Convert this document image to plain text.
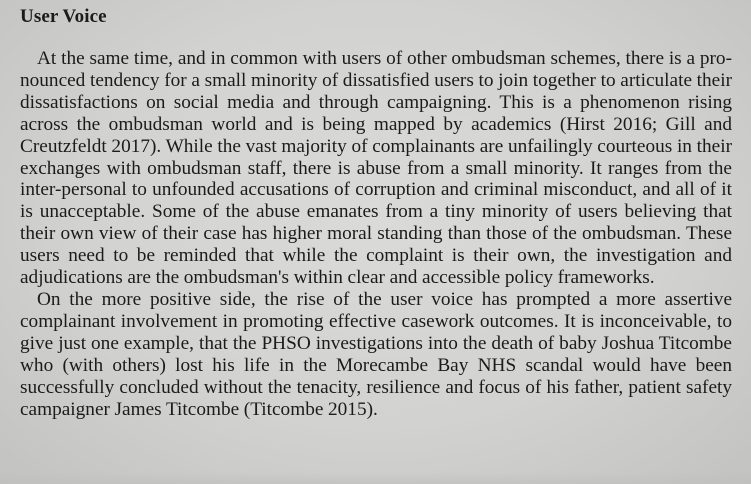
User Voice

At the same time, and in common with users of other ombudsman schemes, there is a pronounced tendency for a small minority of dissatisfied users to join together to articulate their dissatisfactions on social media and through campaigning. This is a phenomenon rising across the ombudsman world and is being mapped by academics (Hirst 2016; Gill and Creutzfeldt 2017). While the vast majority of complainants are unfailingly courteous in their exchanges with ombudsman staff, there is abuse from a small minority. It ranges from the inter-personal to unfounded accusations of corruption and criminal misconduct, and all of it is unacceptable. Some of the abuse emanates from a tiny minority of users believing that their own view of their case has higher moral standing than those of the ombudsman. These users need to be reminded that while the complaint is their own, the investigation and adjudications are the ombudsman's within clear and accessible policy frameworks.

On the more positive side, the rise of the user voice has prompted a more assertive complainant involvement in promoting effective casework outcomes. It is inconceivable, to give just one example, that the PHSO investigations into the death of baby Joshua Titcombe who (with others) lost his life in the Morecambe Bay NHS scandal would have been successfully concluded without the tenacity, resilience and focus of his father, patient safety campaigner James Titcombe (Titcombe 2015).
